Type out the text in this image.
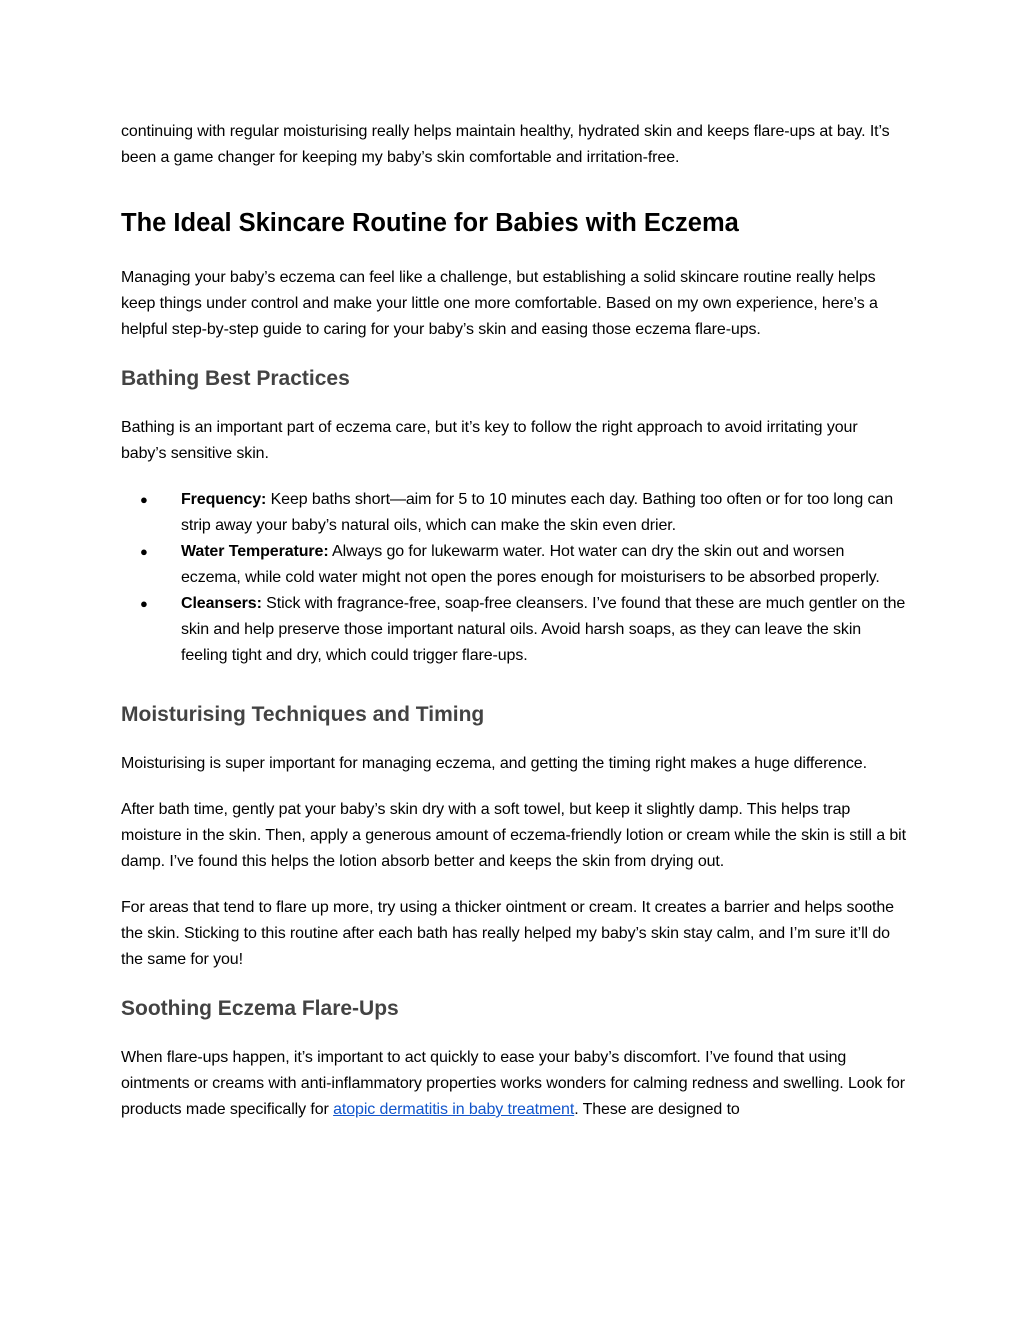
continuing with regular moisturising really helps maintain healthy, hydrated skin and keeps flare-ups at bay. It’s been a game changer for keeping my baby’s skin comfortable and irritation-free.

The Ideal Skincare Routine for Babies with Eczema

Managing your baby’s eczema can feel like a challenge, but establishing a solid skincare routine really helps keep things under control and make your little one more comfortable. Based on my own experience, here’s a helpful step-by-step guide to caring for your baby’s skin and easing those eczema flare-ups.

Bathing Best Practices

Bathing is an important part of eczema care, but it’s key to follow the right approach to avoid irritating your baby’s sensitive skin.

● Frequency: Keep baths short—aim for 5 to 10 minutes each day. Bathing too often or for too long can strip away your baby’s natural oils, which can make the skin even drier.
● Water Temperature: Always go for lukewarm water. Hot water can dry the skin out and worsen eczema, while cold water might not open the pores enough for moisturisers to be absorbed properly.
● Cleansers: Stick with fragrance-free, soap-free cleansers. I’ve found that these are much gentler on the skin and help preserve those important natural oils. Avoid harsh soaps, as they can leave the skin feeling tight and dry, which could trigger flare-ups.
Moisturising Techniques and Timing

Moisturising is super important for managing eczema, and getting the timing right makes a huge difference.

After bath time, gently pat your baby’s skin dry with a soft towel, but keep it slightly damp. This helps trap moisture in the skin. Then, apply a generous amount of eczema-friendly lotion or cream while the skin is still a bit damp. I’ve found this helps the lotion absorb better and keeps the skin from drying out.

For areas that tend to flare up more, try using a thicker ointment or cream. It creates a barrier and helps soothe the skin. Sticking to this routine after each bath has really helped my baby’s skin stay calm, and I’m sure it’ll do the same for you!

Soothing Eczema Flare-Ups

When flare-ups happen, it’s important to act quickly to ease your baby’s discomfort. I’ve found that using ointments or creams with anti-inflammatory properties works wonders for calming redness and swelling. Look for products made specifically for atopic dermatitis in baby treatment. These are designed to
